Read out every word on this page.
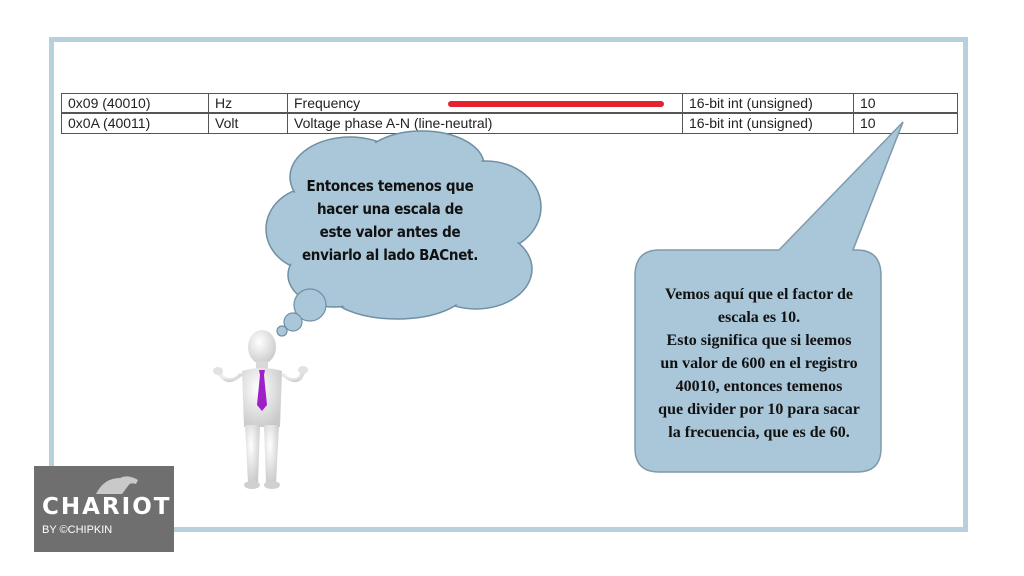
0x09 (40010)	Hz	Frequency	16-bit int (unsigned)	10
0x0A (40011)	Volt	Voltage phase A-N (line-neutral)	16-bit int (unsigned)	10
Entonces temenos que
hacer una escala de
este valor antes de
enviarlo al lado BACnet.
Vemos aquí que el factor de
escala es 10.
Esto significa que si leemos
un valor de 600 en el registro
40010, entonces temenos
que divider por 10 para sacar
la frecuencia, que es de 60.
CHARIOT
BY ©CHIPKIN
